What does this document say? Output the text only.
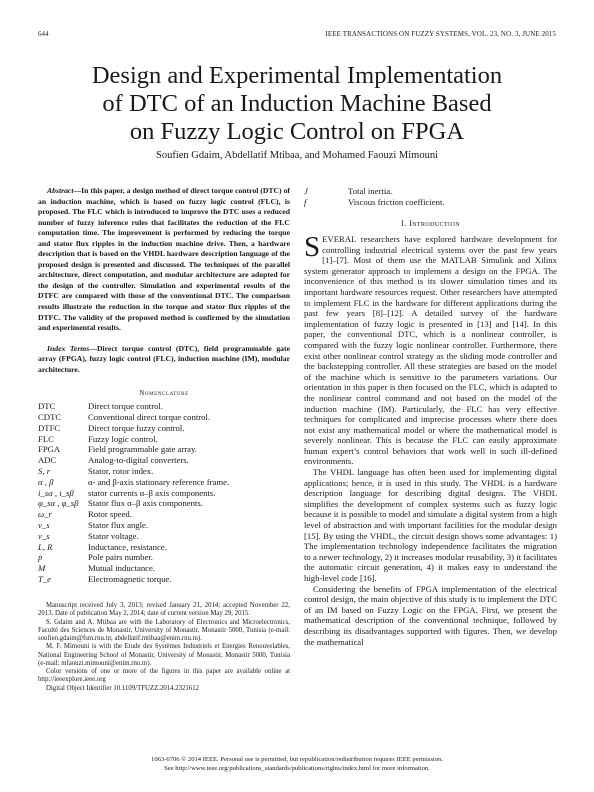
644	IEEE TRANSACTIONS ON FUZZY SYSTEMS, VOL. 23, NO. 3, JUNE 2015
Design and Experimental Implementation
of DTC of an Induction Machine Based
on Fuzzy Logic Control on FPGA
Soufien Gdaim, Abdellatif Mtibaa, and Mohamed Faouzi Mimouni

Abstract—In this paper, a design method of direct torque control (DTC) of an induction machine, which is based on fuzzy logic control (FLC), is proposed. The FLC which is introduced to improve the DTC uses a reduced number of fuzzy inference rules that facilitates the reduction of the FLC computation time. The improvement is performed by reducing the torque and stator flux ripples in the induction machine drive. Then, a hardware description that is based on the VHDL hardware description language of the proposed design is presented and discussed. The techniques of the parallel architecture, direct computation, and modular architecture are adopted for the design of the controller. Simulation and experimental results of the DTFC are compared with those of the conventional DTC. The comparison results illustrate the reduction in the torque and stator flux ripples of the DTFC. The validity of the proposed method is confirmed by the simulation and experimental results.

Index Terms—Direct torque control (DTC), field programmable gate array (FPGA), fuzzy logic control (FLC), induction machine (IM), modular architecture.

Nomenclature
DTC	Direct torque control.
CDTC	Conventional direct torque control.
DTFC	Direct torque fuzzy control.
FLC	Fuzzy logic control.
FPGA	Field programmable gate array.
ADC	Analog-to-digital converters.
S, r	Stator, rotor index.
α , β	α- and β-axis stationary reference frame.
i_sα , i_sβ	stator currents α–β axis components.
φ_sα , φ_sβ	Stator flux α–β axis components.
ω_r	Rotor speed.
ν_s	Stator flux angle.
v_s	Stator voltage.
L, R	Inductance, resistance.
p	Pole pairs number.
M	Mutual inductance.
T_e	Electromagnetic torque.

Manuscript received July 3, 2013; revised January 21, 2014; accepted November 22, 2013. Date of publication May 2, 2014; date of current version May 29, 2015.

S. Gdaim and A. Mtibaa are with the Laboratory of Electronics and Microelectronics, Faculté des Sciences de Monastir, University of Monastir, Monastir 5000, Tunisia (e-mail: soufien.gdaim@fsm.rnu.tn; abdellatif.mtibaa@enim.rnu.tn).

M. F. Mimouni is with the Etude des Systèmes Industriels et Energies Renouvelables, National Engineering School of Monastir, University of Monastir, Monastir 5000, Tunisia (e-mail: mfaouzi.mimouni@enim.rnu.tn).

Color versions of one or more of the figures in this paper are available online at http://ieeexplore.ieee.org

Digital Object Identifier 10.1109/TFUZZ.2014.2321612

J	Total inertia.
f	Viscous friction coefficient.
I. Introduction

SEVERAL researchers have explored hardware development for controlling industrial electrical systems over the past few years [1]–[7]. Most of them use the MATLAB Simulink and Xilinx system generator approach to implement a design on the FPGA. The inconvenience of this method is its slower simulation times and its important hardware resources request. Other researchers have attempted to implement FLC in the hardware for different applications during the past few years [8]–[12]. A detailed survey of the hardware implementation of fuzzy logic is presented in [13] and [14]. In this paper, the conventional DTC, which is a nonlinear controller, is compared with the fuzzy logic nonlinear controller. Furthermore, there exist other nonlinear control strategy as the sliding mode controller and the backstepping controller. All these strategies are based on the model of the machine which is sensitive to the parameters variations. Our orientation in this paper is then focused on the FLC, which is adapted to the nonlinear control command and not based on the model of the induction machine (IM). Particularly, the FLC has very effective techniques for complicated and imprecise processes where there does not exist any mathematical model or where the mathematical model is severely nonlinear. This is because the FLC can easily approximate human expert’s control behaviors that work well in such ill-defined environments.

The VHDL language has often been used for implementing digital applications; hence, it is used in this study. The VHDL is a hardware description language for describing digital designs. The VHDL simplifies the development of complex systems such as fuzzy logic because it is possible to model and simulate a digital system from a high level of abstraction and with important facilities for the modular design [15]. By using the VHDL, the circuit design shows some advantages: 1) The implementation technology independence facilitates the migration to a newer technology, 2) it increases modular reusability, 3) it facilitates the automatic circuit generation, 4) it makes easy to understand the high-level code [16].

Considering the benefits of FPGA implementation of the electrical control design, the main objective of this study is to implement the DTC of an IM based on Fuzzy Logic on the FPGA. First, we present the mathematical description of the conventional technique, followed by describing its disadvantages supported with figures. Then, we develop the mathematical

1063-6706 © 2014 IEEE. Personal use is permitted, but republication/redistribution requires IEEE permission.
See http://www.ieee.org/publications_standards/publications/rights/index.html for more information.
